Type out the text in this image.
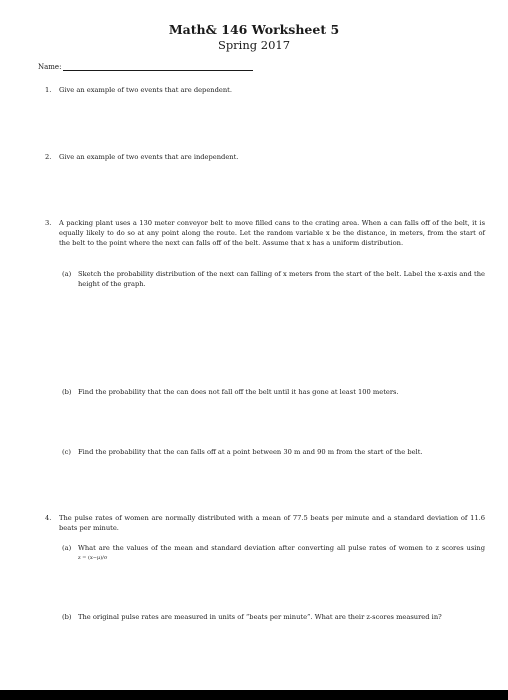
Math& 146 Worksheet 5
Spring 2017
Name:
1. Give an example of two events that are dependent.
2. Give an example of two events that are independent.
3. A packing plant uses a 130 meter conveyor belt to move filled cans to the crating area. When a can falls off of the belt, it is equally likely to do so at any point along the route. Let the random variable x be the distance, in meters, from the start of the belt to the point where the next can falls off of the belt. Assume that x has a uniform distribution.
(a) Sketch the probability distribution of the next can falling of x meters from the start of the belt. Label the x-axis and the height of the graph.
(b) Find the probability that the can does not fall off the belt until it has gone at least 100 meters.
(c) Find the probability that the can falls off at a point between 30 m and 90 m from the start of the belt.
4. The pulse rates of women are normally distributed with a mean of 77.5 beats per minute and a standard deviation of 11.6 beats per minute.
(a) What are the values of the mean and standard deviation after converting all pulse rates of women to z scores using z = (x−μ)/σ
(b) The original pulse rates are measured in units of “beats per minute”. What are their z-scores measured in?
